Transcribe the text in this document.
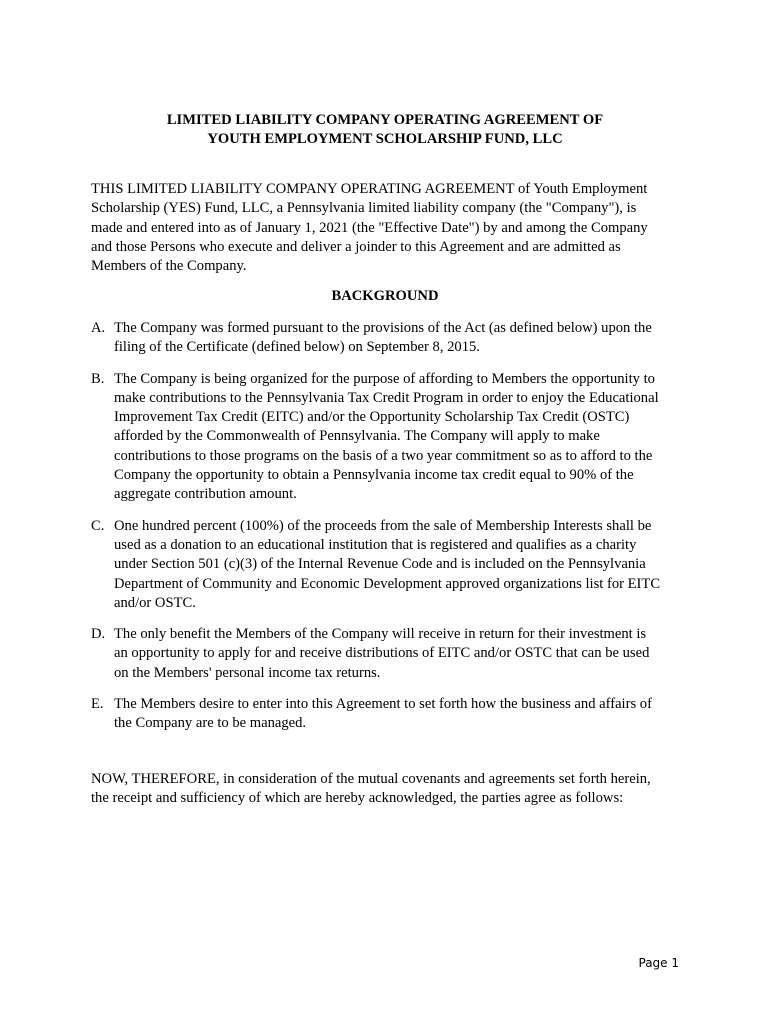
LIMITED LIABILITY COMPANY OPERATING AGREEMENT OF
YOUTH EMPLOYMENT SCHOLARSHIP FUND, LLC
THIS LIMITED LIABILITY COMPANY OPERATING AGREEMENT of Youth Employment
Scholarship (YES) Fund, LLC, a Pennsylvania limited liability company (the "Company"), is
made and entered into as of January 1, 2021 (the "Effective Date") by and among the Company
and those Persons who execute and deliver a joinder to this Agreement and are admitted as
Members of the Company.
BACKGROUND
A. The Company was formed pursuant to the provisions of the Act (as defined below) upon the
filing of the Certificate (defined below) on September 8, 2015.
B. The Company is being organized for the purpose of affording to Members the opportunity to
make contributions to the Pennsylvania Tax Credit Program in order to enjoy the Educational
Improvement Tax Credit (EITC) and/or the Opportunity Scholarship Tax Credit (OSTC)
afforded by the Commonwealth of Pennsylvania. The Company will apply to make
contributions to those programs on the basis of a two year commitment so as to afford to the
Company the opportunity to obtain a Pennsylvania income tax credit equal to 90% of the
aggregate contribution amount.
C. One hundred percent (100%) of the proceeds from the sale of Membership Interests shall be
used as a donation to an educational institution that is registered and qualifies as a charity
under Section 501 (c)(3) of the Internal Revenue Code and is included on the Pennsylvania
Department of Community and Economic Development approved organizations list for EITC
and/or OSTC.
D. The only benefit the Members of the Company will receive in return for their investment is
an opportunity to apply for and receive distributions of EITC and/or OSTC that can be used
on the Members' personal income tax returns.
E. The Members desire to enter into this Agreement to set forth how the business and affairs of
the Company are to be managed.
NOW, THEREFORE, in consideration of the mutual covenants and agreements set forth herein,
the receipt and sufficiency of which are hereby acknowledged, the parties agree as follows:
Page 1
